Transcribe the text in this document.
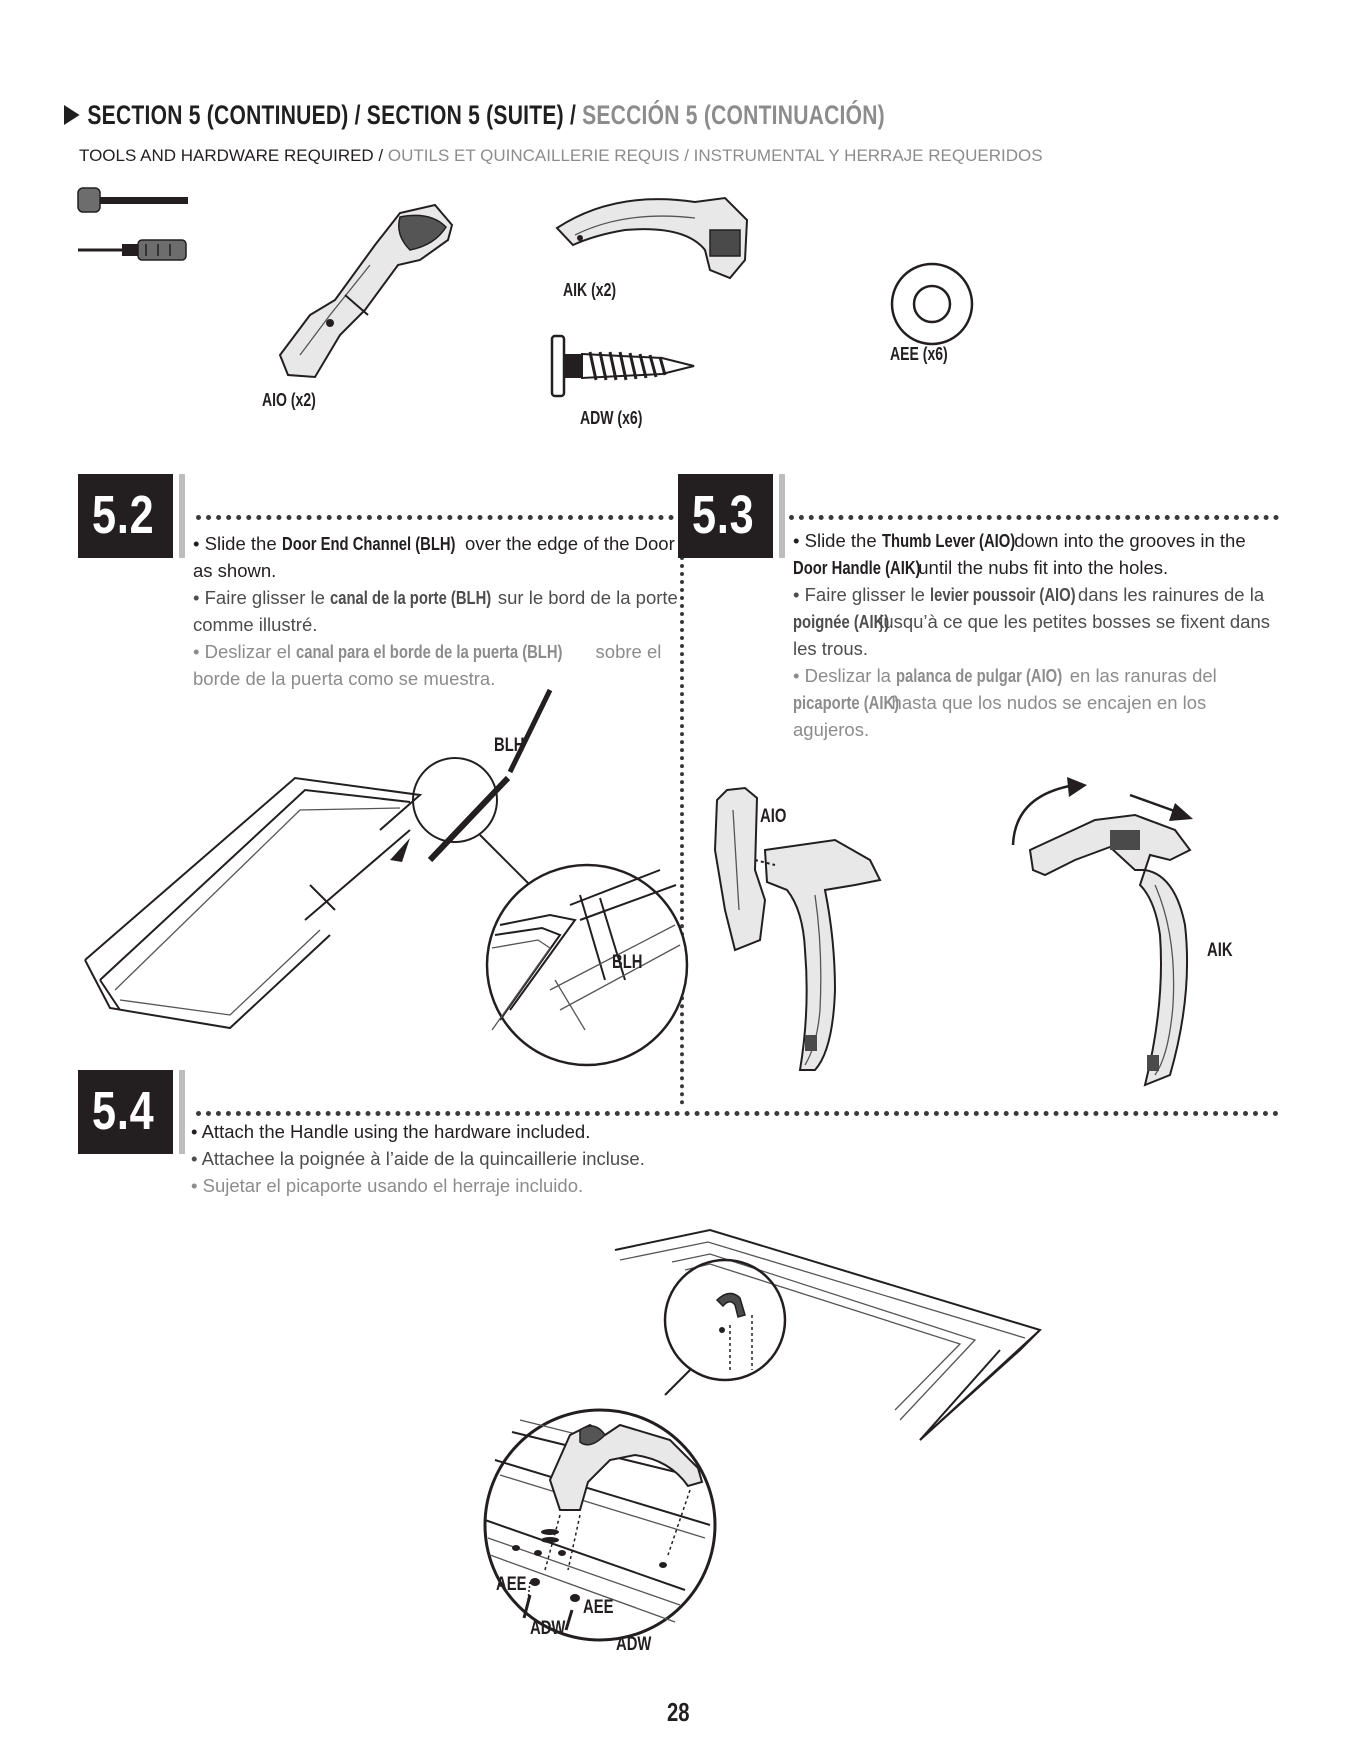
SECTION 5 (CONTINUED) / SECTION 5 (SUITE) / SECCIÓN 5 (CONTINUACIÓN)
TOOLS AND HARDWARE REQUIRED / OUTILS ET QUINCAILLERIE REQUIS / INSTRUMENTAL Y HERRAJE REQUERIDOS
AIO (x2)
AIK (x2)
ADW (x6)
AEE (x6)
5.2 • Slide the Door End Channel (BLH) over the edge of the Door as shown.

• Faire glisser le canal de la porte (BLH) sur le bord de la porte comme illustré.

• Deslizar el canal para el borde de la puerta (BLH) sobre el borde de la puerta como se muestra.

BLH
BLH
5.3 • Slide the Thumb Lever (AIO) down into the grooves in the Door Handle (AIK) until the nubs fit into the holes.

• Faire glisser le levier poussoir (AIO) dans les rainures de la poignée (AIK) jusqu’à ce que les petites bosses se fixent dans les trous.

• Deslizar la palanca de pulgar (AIO) en las ranuras del picaporte (AIK) hasta que los nudos se encajen en los agujeros.

AIO
AIK
5.4 • Attach the Handle using the hardware included.

• Attachee la poignée à l’aide de la quincaillerie incluse.

• Sujetar el picaporte usando el herraje incluido.

AEE
ADW
AEE
ADW
28
